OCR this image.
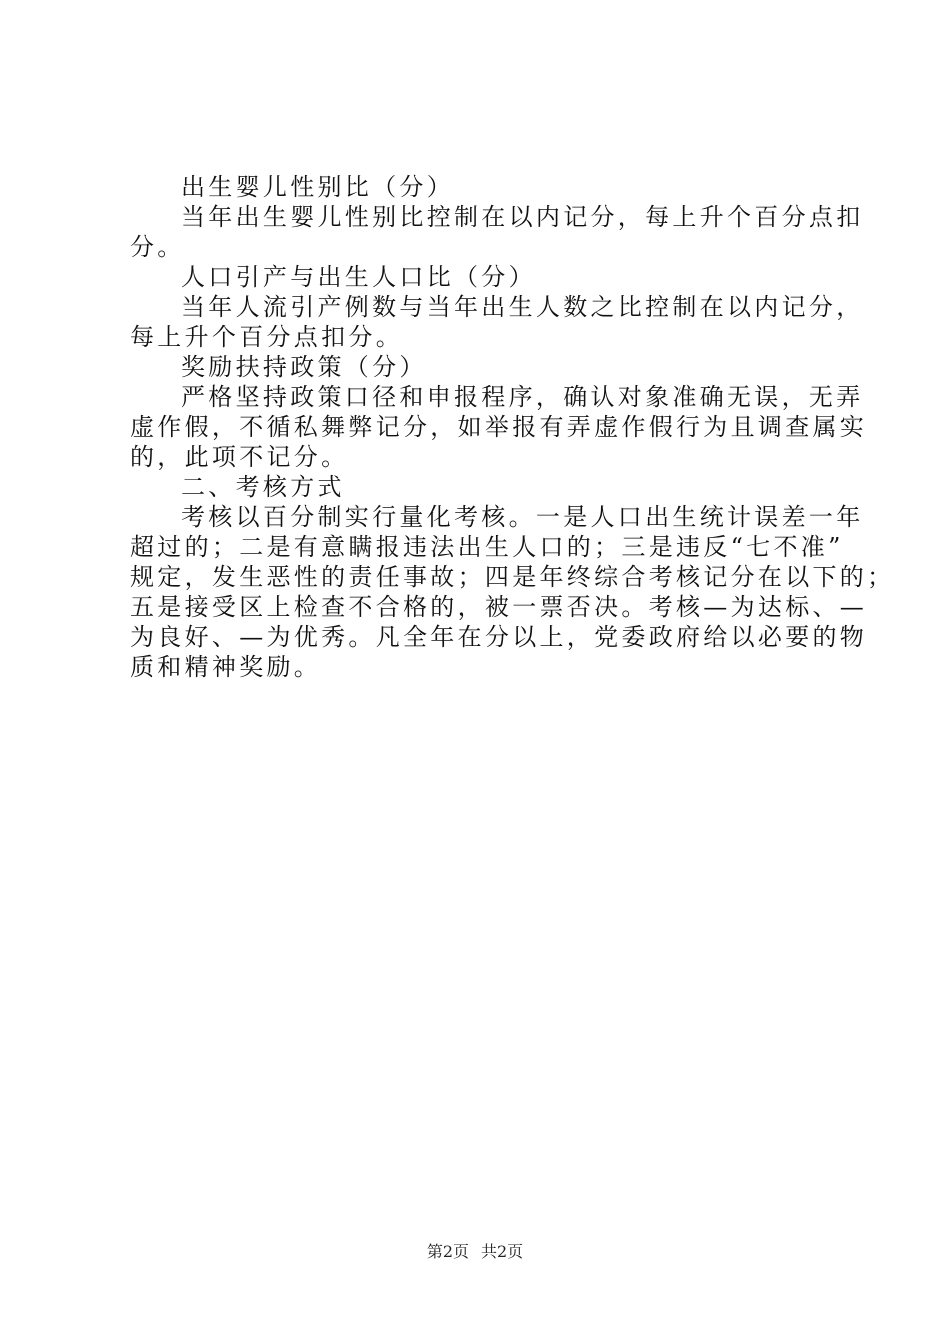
出生婴儿性别比（分）
当年出生婴儿性别比控制在以内记分，每上升个百分点扣
分。
人口引产与出生人口比（分）
当年人流引产例数与当年出生人数之比控制在以内记分，
每上升个百分点扣分。
奖励扶持政策（分）
严格坚持政策口径和申报程序，确认对象准确无误，无弄
虚作假，不循私舞弊记分，如举报有弄虚作假行为且调查属实
的，此项不记分。
二、考核方式
考核以百分制实行量化考核。一是人口出生统计误差一年
超过的；二是有意瞒报违法出生人口的；三是违反“七不准”
规定，发生恶性的责任事故；四是年终综合考核记分在以下的；
五是接受区上检查不合格的，被一票否决。考核—为达标、—
为良好、—为优秀。凡全年在分以上，党委政府给以必要的物
质和精神奖励。
第2页 共2页
